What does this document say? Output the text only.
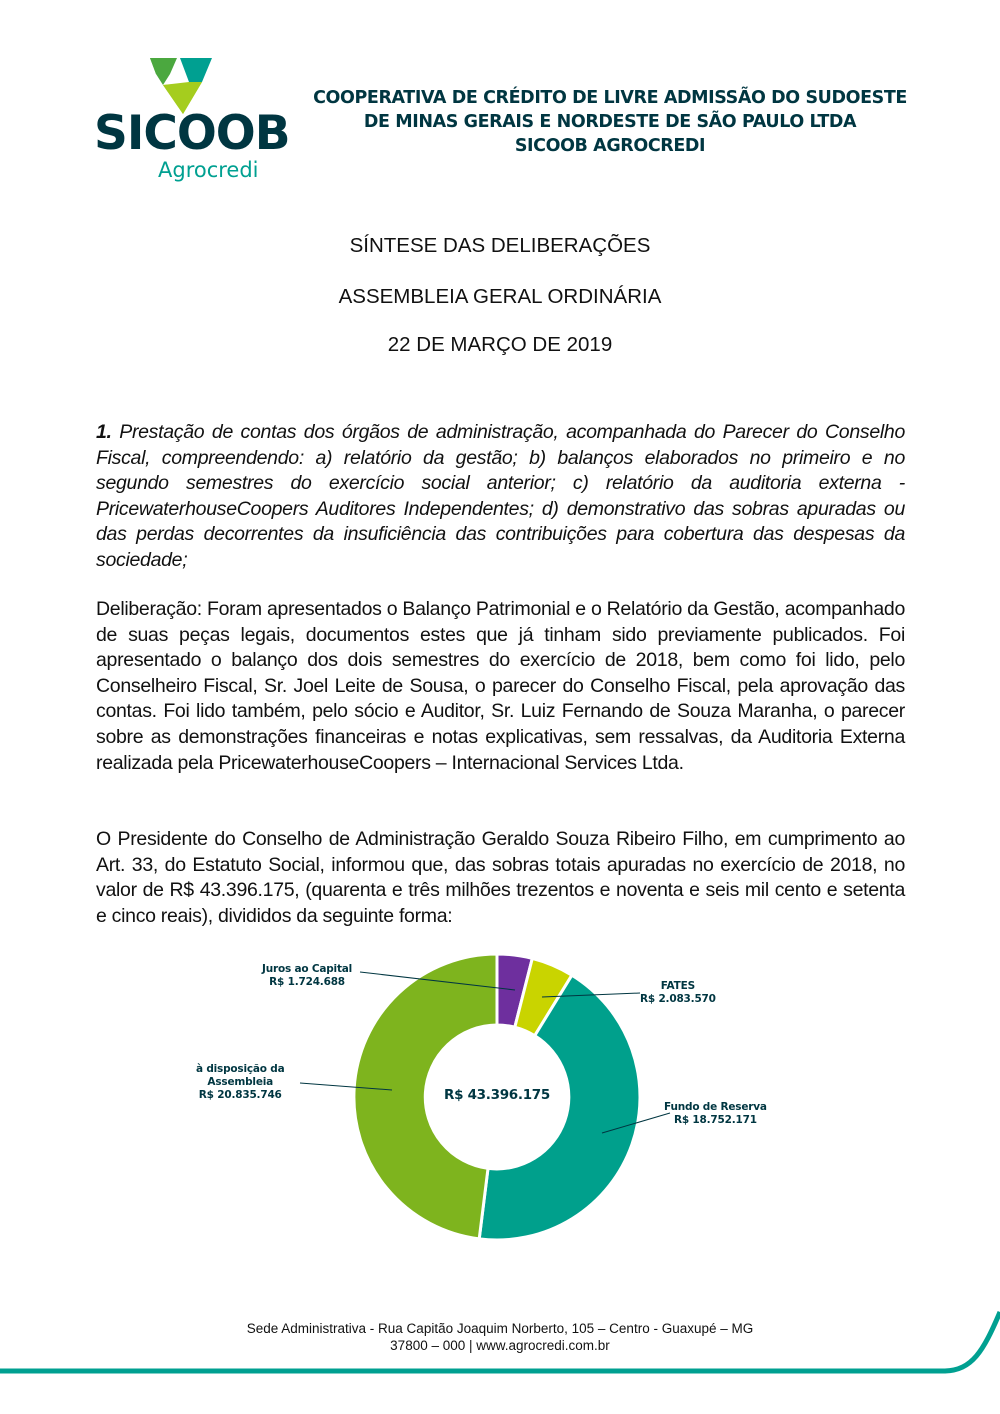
SICOOB
Agrocredi
COOPERATIVA DE CRÉDITO DE LIVRE ADMISSÃO DO SUDOESTE
DE MINAS GERAIS E NORDESTE DE SÃO PAULO LTDA
SICOOB AGROCREDI
SÍNTESE DAS DELIBERAÇÕES
ASSEMBLEIA GERAL ORDINÁRIA
22 DE MARÇO DE 2019
1. Prestação de contas dos órgãos de administração, acompanhada do Parecer do Conselho Fiscal, compreendendo: a) relatório da gestão; b) balanços elaborados no primeiro e no segundo semestres do exercício social anterior; c) relatório da auditoria externa - PricewaterhouseCoopers Auditores Independentes; d) demonstrativo das sobras apuradas ou das perdas decorrentes da insuficiência das contribuições para cobertura das despesas da sociedade;
Deliberação: Foram apresentados o Balanço Patrimonial e o Relatório da Gestão, acompanhado de suas peças legais, documentos estes que já tinham sido previamente publicados. Foi apresentado o balanço dos dois semestres do exercício de 2018, bem como foi lido, pelo Conselheiro Fiscal, Sr. Joel Leite de Sousa, o parecer do Conselho Fiscal, pela aprovação das contas. Foi lido também, pelo sócio e Auditor, Sr. Luiz Fernando de Souza Maranha, o parecer sobre as demonstrações financeiras e notas explicativas, sem ressalvas, da Auditoria Externa realizada pela PricewaterhouseCoopers – Internacional Services Ltda.
O Presidente do Conselho de Administração Geraldo Souza Ribeiro Filho, em cumprimento ao Art. 33, do Estatuto Social, informou que, das sobras totais apuradas no exercício de 2018, no valor de R$ 43.396.175, (quarenta e três milhões trezentos e noventa e seis mil cento e setenta e cinco reais), divididos da seguinte forma:
R$ 43.396.175
Juros ao Capital
R$ 1.724.688	FATES
R$ 2.083.570
à disposição da
Assembleia
R$ 20.835.746
Fundo de Reserva
R$ 18.752.171
Sede Administrativa - Rua Capitão Joaquim Norberto, 105 – Centro - Guaxupé – MG
37800 – 000 | www.agrocredi.com.br
